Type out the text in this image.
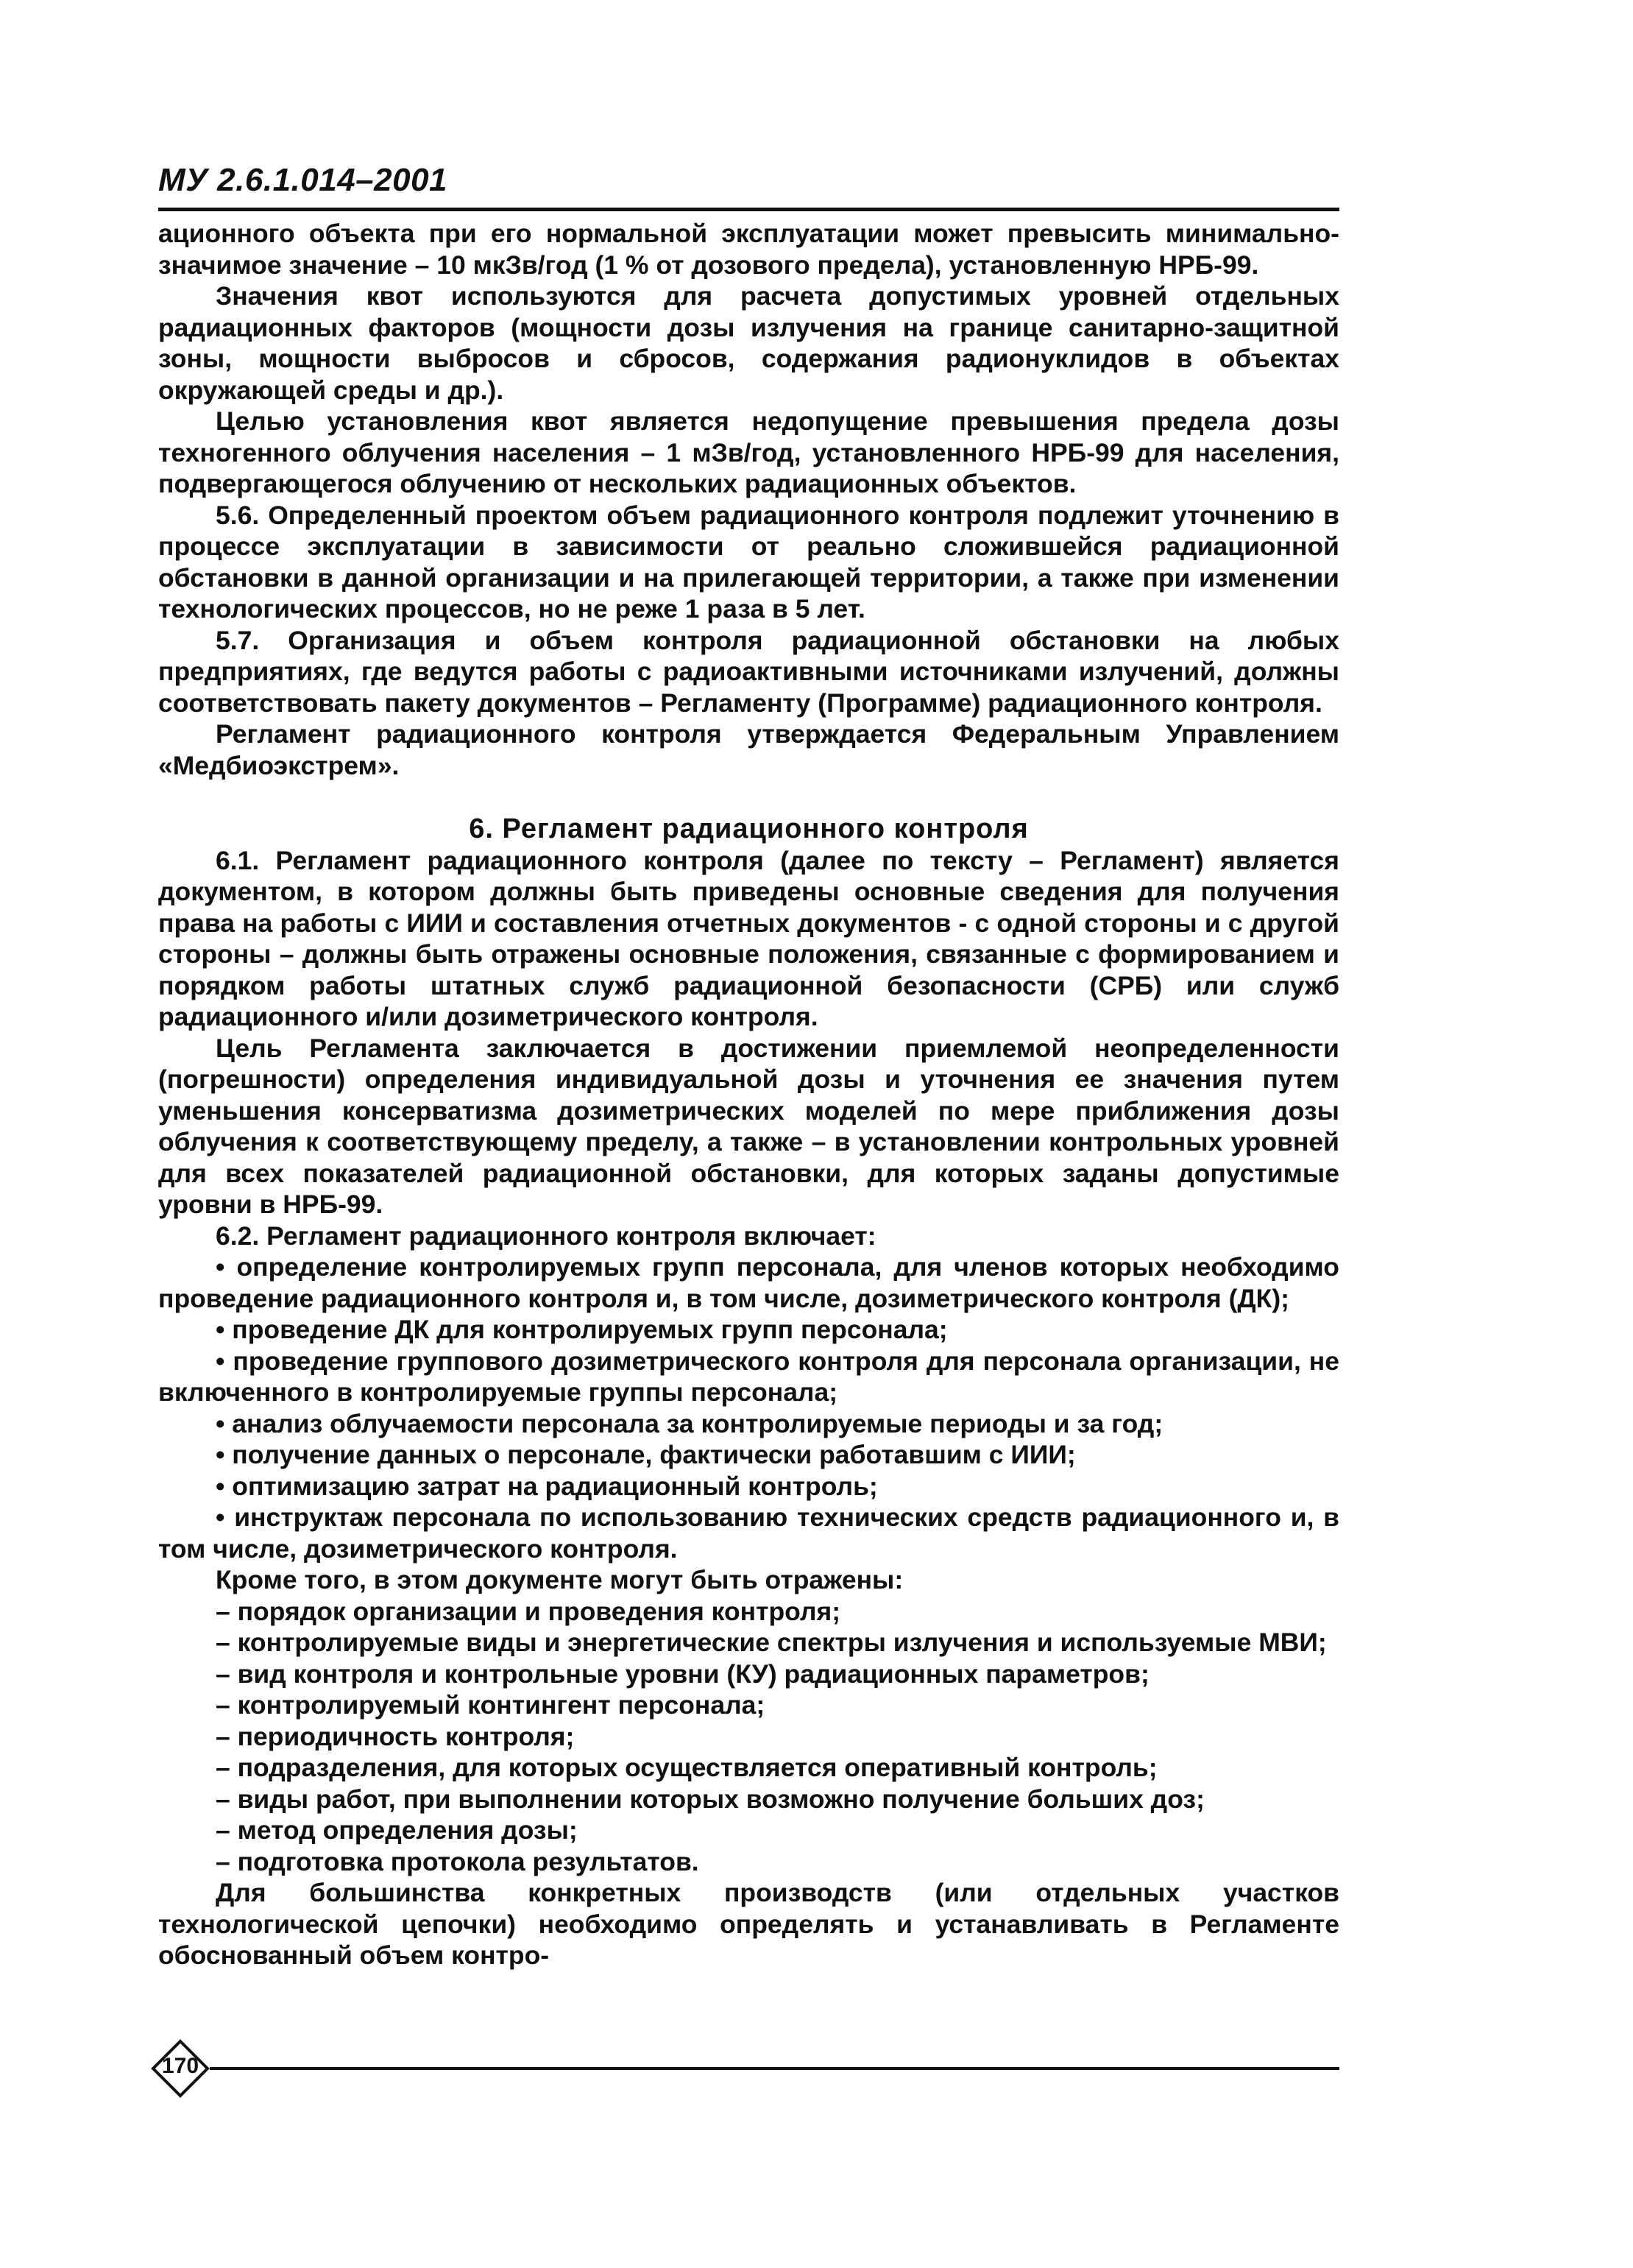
МУ 2.6.1.014–2001

ационного объекта при его нормальной эксплуатации может превысить минимально-значимое значение – 10 мкЗв/год (1 % от дозового предела), установленную НРБ-99.

Значения квот используются для расчета допустимых уровней отдельных радиационных факторов (мощности дозы излучения на границе санитарно-защитной зоны, мощности выбросов и сбросов, содержания радионуклидов в объектах окружающей среды и др.).

Целью установления квот является недопущение превышения предела дозы техногенного облучения населения – 1 мЗв/год, установленного НРБ-99 для населения, подвергающегося облучению от нескольких радиационных объектов.

5.6. Определенный проектом объем радиационного контроля подлежит уточнению в процессе эксплуатации в зависимости от реально сложившейся радиационной обстановки в данной организации и на прилегающей территории, а также при изменении технологических процессов, но не реже 1 раза в 5 лет.

5.7. Организация и объем контроля радиационной обстановки на любых предприятиях, где ведутся работы с радиоактивными источниками излучений, должны соответствовать пакету документов – Регламенту (Программе) радиационного контроля.

Регламент радиационного контроля утверждается Федеральным Управлением «Медбиоэкстрем».

6. Регламент радиационного контроля

6.1. Регламент радиационного контроля (далее по тексту – Регламент) является документом, в котором должны быть приведены основные сведения для получения права на работы с ИИИ и составления отчетных документов - с одной стороны и с другой стороны – должны быть отражены основные положения, связанные с формированием и порядком работы штатных служб радиационной безопасности (СРБ) или служб радиационного и/или дозиметрического контроля.

Цель Регламента заключается в достижении приемлемой неопределенности (погрешности) определения индивидуальной дозы и уточнения ее значения путем уменьшения консерватизма дозиметрических моделей по мере приближения дозы облучения к соответствующему пределу, а также – в установлении контрольных уровней для всех показателей радиационной обстановки, для которых заданы допустимые уровни в НРБ-99.

6.2. Регламент радиационного контроля включает:

• определение контролируемых групп персонала, для членов которых необходимо проведение радиационного контроля и, в том числе, дозиметрического контроля (ДК);

• проведение ДК для контролируемых групп персонала;

• проведение группового дозиметрического контроля для персонала организации, не включенного в контролируемые группы персонала;

• анализ облучаемости персонала за контролируемые периоды и за год;

• получение данных о персонале, фактически работавшим с ИИИ;

• оптимизацию затрат на радиационный контроль;

• инструктаж персонала по использованию технических средств радиационного и, в том числе, дозиметрического контроля.

Кроме того, в этом документе могут быть отражены:

– порядок организации и проведения контроля;

– контролируемые виды и энергетические спектры излучения и используемые МВИ;

– вид контроля и контрольные уровни (КУ) радиационных параметров;

– контролируемый контингент персонала;

– периодичность контроля;

– подразделения, для которых осуществляется оперативный контроль;

– виды работ, при выполнении которых возможно получение больших доз;

– метод определения дозы;

– подготовка протокола результатов.

Для большинства конкретных производств (или отдельных участков технологической цепочки) необходимо определять и устанавливать в Регламенте обоснованный объем контро-

170
